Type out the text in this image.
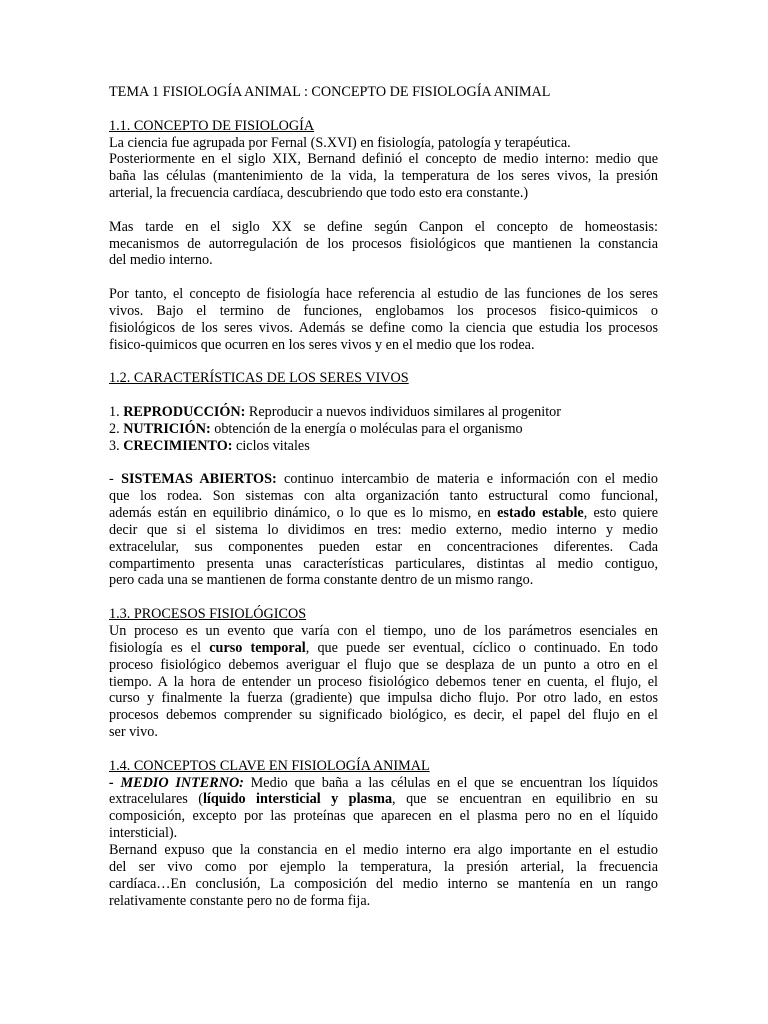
TEMA 1 FISIOLOGÍA ANIMAL : CONCEPTO DE FISIOLOGÍA ANIMAL
1.1. CONCEPTO DE FISIOLOGÍA
La ciencia fue agrupada por Fernal (S.XVI) en fisiología, patología y terapéutica.
Posteriormente en el siglo XIX, Bernand definió el concepto de medio interno: medio que
baña las células (mantenimiento de la vida, la temperatura de los seres vivos, la presión
arterial, la frecuencia cardíaca, descubriendo que todo esto era constante.)
Mas tarde en el siglo XX se define según Canpon el concepto de homeostasis:
mecanismos de autorregulación de los procesos fisiológicos que mantienen la constancia
del medio interno.
Por tanto, el concepto de fisiología hace referencia al estudio de las funciones de los seres
vivos. Bajo el termino de funciones, englobamos los procesos fisico-quimicos o
fisiológicos de los seres vivos. Además se define como la ciencia que estudia los procesos
fisico-quimicos que ocurren en los seres vivos y en el medio que los rodea.
1.2. CARACTERÍSTICAS DE LOS SERES VIVOS
1. REPRODUCCIÓN: Reproducir a nuevos individuos similares al progenitor
2. NUTRICIÓN: obtención de la energía o moléculas para el organismo
3. CRECIMIENTO: ciclos vitales
- SISTEMAS ABIERTOS: continuo intercambio de materia e información con el medio
que los rodea. Son sistemas con alta organización tanto estructural como funcional,
además están en equilibrio dinámico, o lo que es lo mismo, en estado estable, esto quiere
decir que si el sistema lo dividimos en tres: medio externo, medio interno y medio
extracelular, sus componentes pueden estar en concentraciones diferentes. Cada
compartimento presenta unas características particulares, distintas al medio contiguo,
pero cada una se mantienen de forma constante dentro de un mismo rango.
1.3. PROCESOS FISIOLÓGICOS
Un proceso es un evento que varía con el tiempo, uno de los parámetros esenciales en
fisiología es el curso temporal, que puede ser eventual, cíclico o continuado. En todo
proceso fisiológico debemos averiguar el flujo que se desplaza de un punto a otro en el
tiempo. A la hora de entender un proceso fisiológico debemos tener en cuenta, el flujo, el
curso y finalmente la fuerza (gradiente) que impulsa dicho flujo. Por otro lado, en estos
procesos debemos comprender su significado biológico, es decir, el papel del flujo en el
ser vivo.
1.4. CONCEPTOS CLAVE EN FISIOLOGÍA ANIMAL
- MEDIO INTERNO: Medio que baña a las células en el que se encuentran los líquidos
extracelulares (líquido intersticial y plasma, que se encuentran en equilibrio en su
composición, excepto por las proteínas que aparecen en el plasma pero no en el líquido
intersticial).
Bernand expuso que la constancia en el medio interno era algo importante en el estudio
del ser vivo como por ejemplo la temperatura, la presión arterial, la frecuencia
cardíaca…En conclusión, La composición del medio interno se mantenía en un rango
relativamente constante pero no de forma fija.
